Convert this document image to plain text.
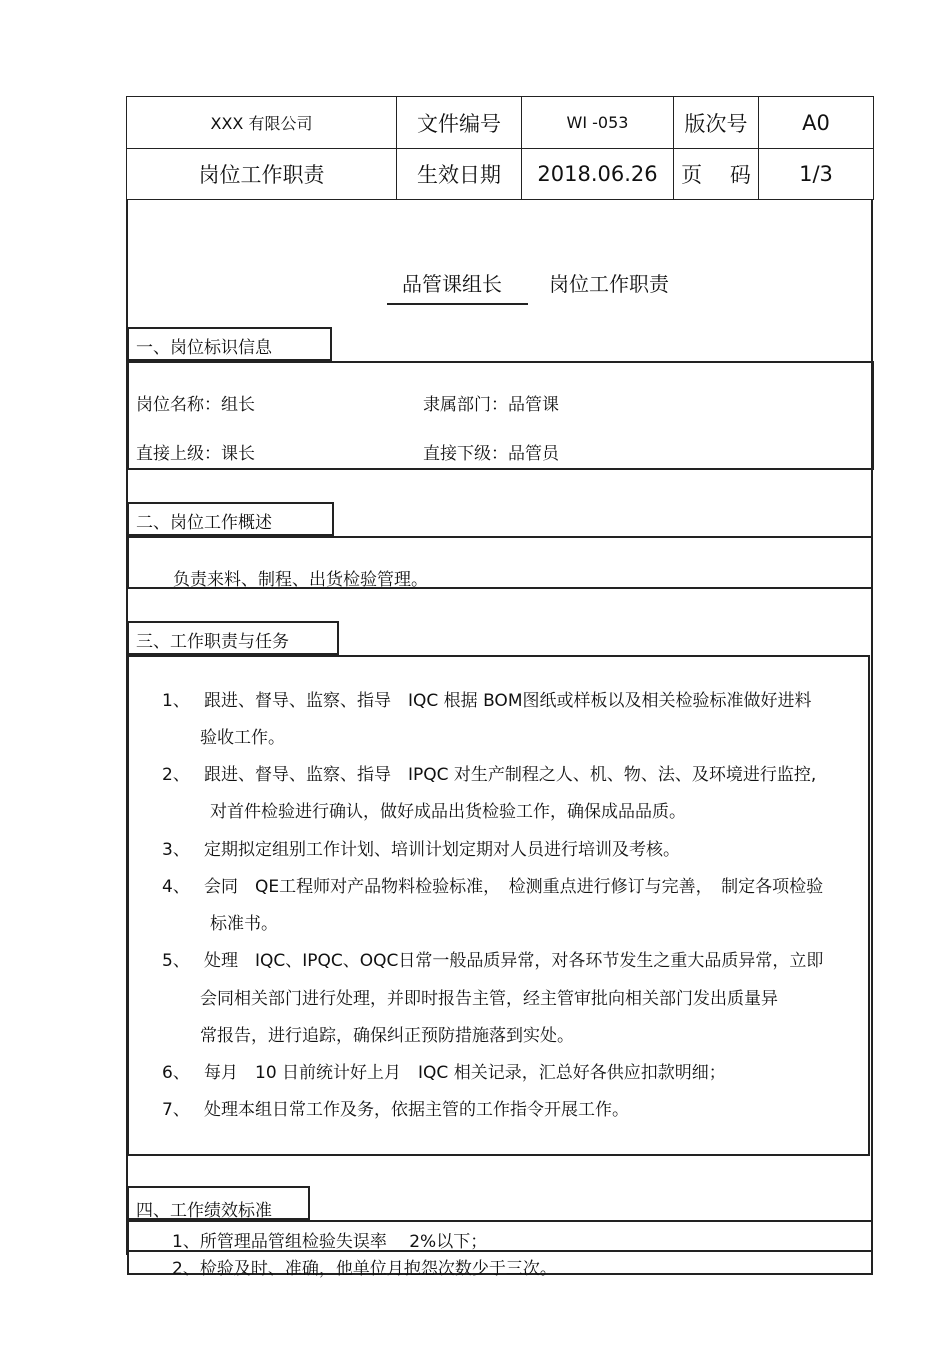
XXX 有限公司	文件编号	WI -053	版次号	A0
岗位工作职责	生效日期	2018.06.26	页　 码	1/3
品管课组长 岗位工作职责
一、岗位标识信息
岗位名称：组长	隶属部门：品管课
直接上级：课长	直接下级：品管员
二、岗位工作概述
负责来料、制程、出货检验管理。
三、工作职责与任务
1、 跟进、督导、监察、指导　IQC 根据 BOM图纸或样板以及相关检验标准做好进料
验收工作。
2、 跟进、督导、监察、指导　IPQC 对生产制程之人、机、物、法、及环境进行监控,
对首件检验进行确认，做好成品出货检验工作，确保成品品质。
3、 定期拟定组别工作计划、培训计划定期对人员进行培训及考核。
4、 会同　QE工程师对产品物料检验标准，　检测重点进行修订与完善，　制定各项检验
标准书。
5、 处理　IQC、IPQC、OQC日常一般品质异常，对各环节发生之重大品质异常，立即
会同相关部门进行处理，并即时报告主管，经主管审批向相关部门发出质量异
常报告，进行追踪，确保纠正预防措施落到实处。
6、 每月　10 日前统计好上月　IQC 相关记录，汇总好各供应扣款明细；
7、 处理本组日常工作及务，依据主管的工作指令开展工作。
四、工作绩效标准
1、所管理品管组检验失误率　 2%以下；
2、检验及时、准确，他单位月抱怨次数少于三次。
